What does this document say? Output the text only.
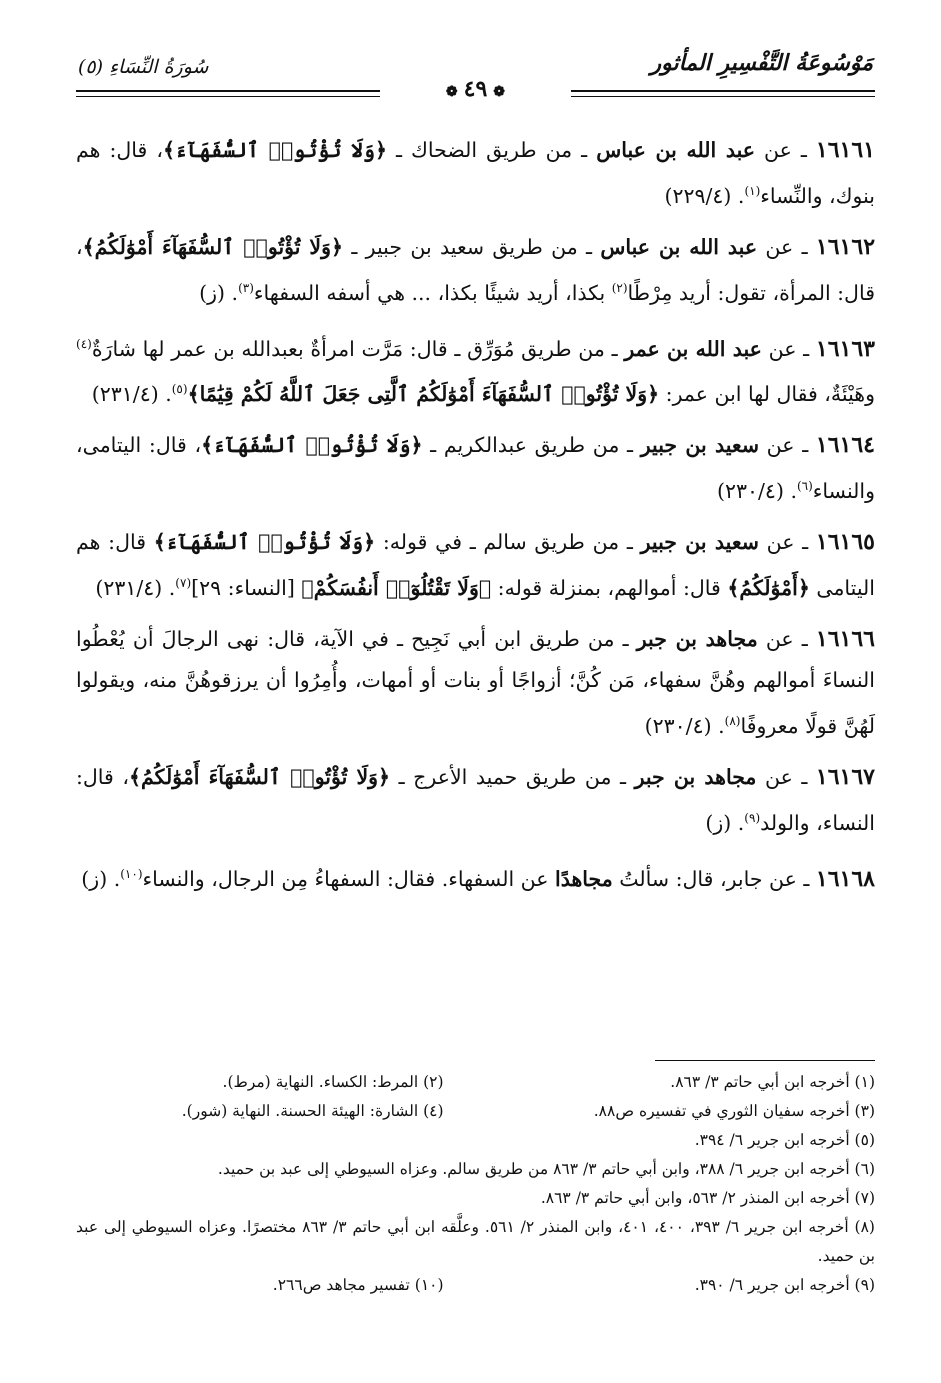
مَوْسُوعَةُ التَّفْسِيرِ المأثور
سُورَةُ النِّسَاءِ (٥)
❁٤٩❁

١٦١٦١ ـ عن عبد الله بن عباس ـ من طريق الضحاك ـ ﴿وَلَا تُؤْتُوا۟ ٱلسُّفَهَآءَ﴾، قال: هم بنوك، والنِّساء$^{(١)}$. (٢٢٩/٤)

١٦١٦٢ ـ عن عبد الله بن عباس ـ من طريق سعيد بن جبير ـ ﴿وَلَا تُؤْتُوا۟ ٱلسُّفَهَآءَ أَمْوَٰلَكُمُ﴾، قال: المرأة، تقول: أريد مِرْطًا$^{(٢)}$ بكذا، أريد شيئًا بكذا، ... هي أسفه السفهاء$^{(٣)}$. (ز)

١٦١٦٣ ـ عن عبد الله بن عمر ـ من طريق مُوَرِّق ـ قال: مَرَّت امرأةٌ بعبدالله بن عمر لها شارَةٌ$^{(٤)}$ وهَيْئَةٌ، فقال لها ابن عمر: ﴿وَلَا تُؤْتُوا۟ ٱلسُّفَهَآءَ أَمْوَٰلَكُمُ ٱلَّتِى جَعَلَ ٱللَّهُ لَكُمْ قِيَٰمًا﴾$^{(٥)}$. (٢٣١/٤)

١٦١٦٤ ـ عن سعيد بن جبير ـ من طريق عبدالكريم ـ ﴿وَلَا تُؤْتُوا۟ ٱلسُّفَهَآءَ﴾، قال: اليتامى، والنساء$^{(٦)}$. (٢٣٠/٤)

١٦١٦٥ ـ عن سعيد بن جبير ـ من طريق سالم ـ في قوله: ﴿وَلَا تُؤْتُوا۟ ٱلسُّفَهَآءَ﴾ قال: هم اليتامى ﴿أَمْوَٰلَكُمُ﴾ قال: أموالهم، بمنزلة قوله: ﴿وَلَا تَقْتُلُوٓا۟ أَنفُسَكُمْ﴾ [النساء: ٢٩]$^{(٧)}$. (٢٣١/٤)

١٦١٦٦ ـ عن مجاهد بن جبر ـ من طريق ابن أبي نَجِيح ـ في الآية، قال: نهى الرجالَ أن يُعْطُوا النساءَ أموالهم وهُنَّ سفهاء، مَن كُنَّ؛ أزواجًا أو بنات أو أمهات، وأُمِرُوا أن يرزقوهُنَّ منه، ويقولوا لَهُنَّ قولًا معروفًا$^{(٨)}$. (٢٣٠/٤)

١٦١٦٧ ـ عن مجاهد بن جبر ـ من طريق حميد الأعرج ـ ﴿وَلَا تُؤْتُوا۟ ٱلسُّفَهَآءَ أَمْوَٰلَكُمُ﴾، قال: النساء، والولد$^{(٩)}$. (ز)

١٦١٦٨ ـ عن جابر، قال: سألتُ مجاهدًا عن السفهاء. فقال: السفهاءُ مِن الرجال، والنساء$^{(١٠)}$. (ز)

(١) أخرجه ابن أبي حاتم ٣/ ٨٦٣.
(٢) المرط: الكساء. النهاية (مرط).
(٣) أخرجه سفيان الثوري في تفسيره ص٨٨.
(٤) الشارة: الهيئة الحسنة. النهاية (شور).
(٥) أخرجه ابن جرير ٦/ ٣٩٤.
(٦) أخرجه ابن جرير ٦/ ٣٨٨، وابن أبي حاتم ٣/ ٨٦٣ من طريق سالم. وعزاه السيوطي إلى عبد بن حميد.
(٧) أخرجه ابن المنذر ٢/ ٥٦٣، وابن أبي حاتم ٣/ ٨٦٣.
(٨) أخرجه ابن جرير ٦/ ٣٩٣، ٤٠٠، ٤٠١، وابن المنذر ٢/ ٥٦١. وعلَّقه ابن أبي حاتم ٣/ ٨٦٣ مختصرًا. وعزاه السيوطي إلى عبد بن حميد.
(٩) أخرجه ابن جرير ٦/ ٣٩٠.
(١٠) تفسير مجاهد ص٢٦٦.
